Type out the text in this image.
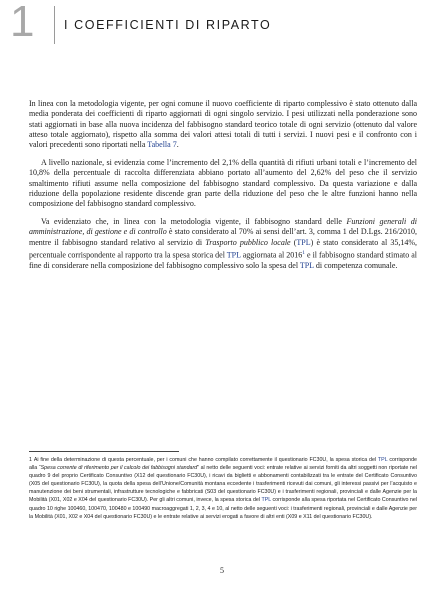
1	I COEFFICIENTI DI RIPARTO

In linea con la metodologia vigente, per ogni comune il nuovo coefficiente di riparto complessivo è stato ottenuto dalla media ponderata dei coefficienti di riparto aggiornati di ogni singolo servizio. I pesi utilizzati nella ponderazione sono stati aggiornati in base alla nuova incidenza del fabbisogno standard teorico totale di ogni servizio (ottenuto dal valore atteso totale aggiornato), rispetto alla somma dei valori attesi totali di tutti i servizi. I nuovi pesi e il confronto con i valori precedenti sono riportati nella Tabella 7.

A livello nazionale, si evidenzia come l’incremento del 2,1% della quantità di rifiuti urbani totali e l’incremento del 10,8% della percentuale di raccolta differenziata abbiano portato all’aumento del 2,62% del peso che il servizio smaltimento rifiuti assume nella composizione del fabbisogno standard complessivo. Da questa variazione e dalla riduzione della popolazione residente discende gran parte della riduzione del peso che le altre funzioni hanno nella composizione del fabbisogno standard complessivo.

Va evidenziato che, in linea con la metodologia vigente, il fabbisogno standard delle Funzioni generali di amministrazione, di gestione e di controllo è stato considerato al 70% ai sensi dell’art. 3, comma 1 del D.Lgs. 216/2010, mentre il fabbisogno standard relativo al servizio di Trasporto pubblico locale (TPL) è stato considerato al 35,14%, percentuale corrispondente al rapporto tra la spesa storica del TPL aggiornata al 2016$^1$ e il fabbisogno standard stimato al fine di considerare nella composizione del fabbisogno complessivo solo la spesa del TPL di competenza comunale.

1 Ai fine della determinazione di questa percentuale, per i comuni che hanno compilato correttamente il questionario FC30U, la spesa storica del TPL corrisponde alla “Spesa corrente di riferimento per il calcolo dei fabbisogni standard” al netto delle seguenti voci: entrate relative ai servizi forniti da altri soggetti non riportate nel quadro 9 del proprio Certificato Consuntivo (X12 del questionario FC30U), i ricavi da biglietti e abbonamenti contabilizzati tra le entrate del Certificato Consuntivo (X05 del questionario FC30U), la quota della spesa dell’Unione/Comunità montana eccedente i trasferimenti ricevuti dai comuni, gli interessi passivi per l’acquisto e manutenzione dei beni strumentali, infrastrutture tecnologiche e fabbricati (S03 del questionario FC30U) e i trasferimenti regionali, provinciali e dalle Agenzie per la Mobilità (X01, X02 e X04 del questionario FC30U). Per gli altri comuni, invece, la spesa storica del TPL corrisponde alla spesa riportata nel Certificato Consuntivo nel quadro 10 righe 100460, 100470, 100480 e 100490 macroaggregati 1, 2, 3, 4 e 10, al netto delle seguenti voci: i trasferimenti regionali, provinciali e dalle Agenzie per la Mobilità (X01, X02 e X04 del questionario FC30U) e le entrate relative ai servizi erogati a favore di altri enti (X09 e X11 del questionario FC30U).
5
